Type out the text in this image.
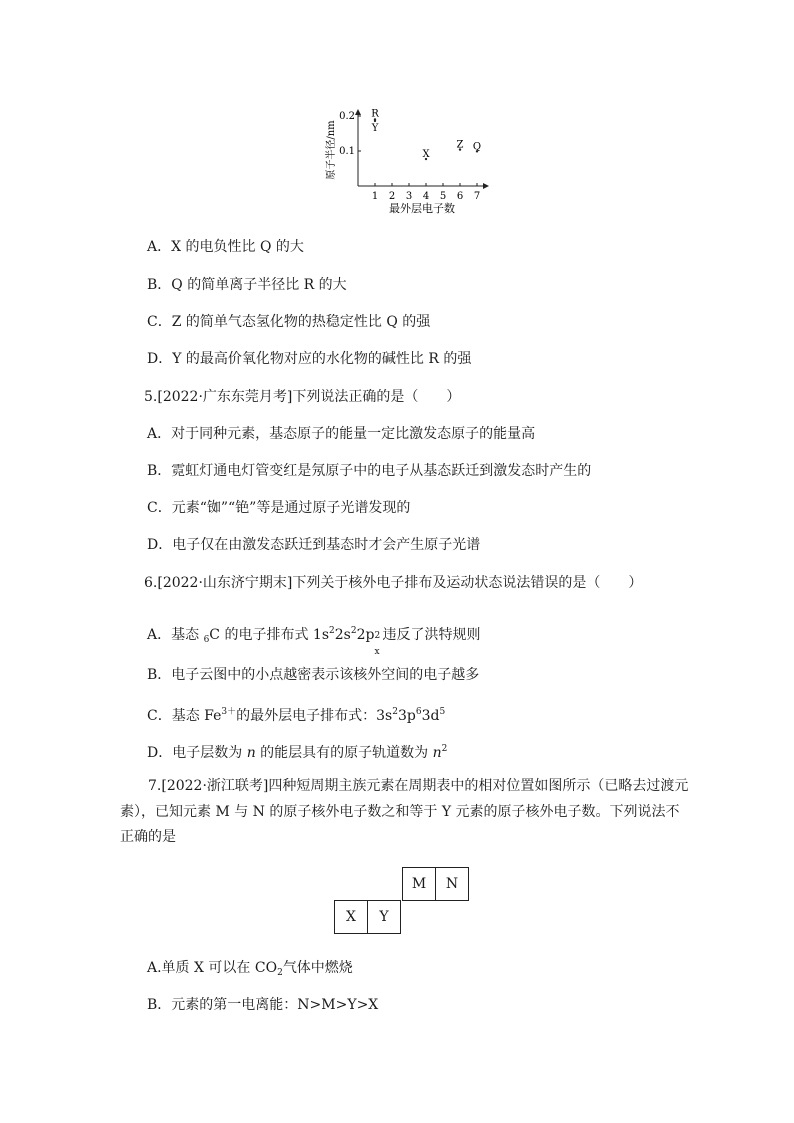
1 2 3 4 5 6 7
0.1
0.2 R
Y
X
Z Q
最外层电子数
原子半径/nm
A．X 的电负性比 Q 的大
B．Q 的简单离子半径比 R 的大
C．Z 的简单气态氢化物的热稳定性比 Q 的强
D．Y 的最高价氧化物对应的水化物的碱性比 R 的强
5.[2022·广东东莞月考]下列说法正确的是（　　）
A．对于同种元素，基态原子的能量一定比激发态原子的能量高
B．霓虹灯通电灯管变红是氖原子中的电子从基态跃迁到激发态时产生的
C．元素“铷”“铯”等是通过原子光谱发现的
D．电子仅在由激发态跃迁到基态时才会产生原子光谱
6.[2022·山东济宁期末]下列关于核外电子排布及运动状态说法错误的是（　　）
A．基态 $_6$C 的电子排布式 $1s^22s^22p$ 2
x
违反了洪特规则
B．电子云图中的小点越密表示该核外空间的电子越多
C．基态 $Fe^{3+}$的最外层电子排布式：$3s^23p^63d^5$
D．电子层数为 n 的能层具有的原子轨道数为 $n^2$
7.[2022·浙江联考]四种短周期主族元素在周期表中的相对位置如图所示（已略去过渡元
素），已知元素 M 与 N 的原子核外电子数之和等于 Y 元素的原子核外电子数。下列说法不
正确的是
M	N
X	Y
A.单质 X 可以在 $CO_2$气体中燃烧
B．元素的第一电离能：N>M>Y>X
